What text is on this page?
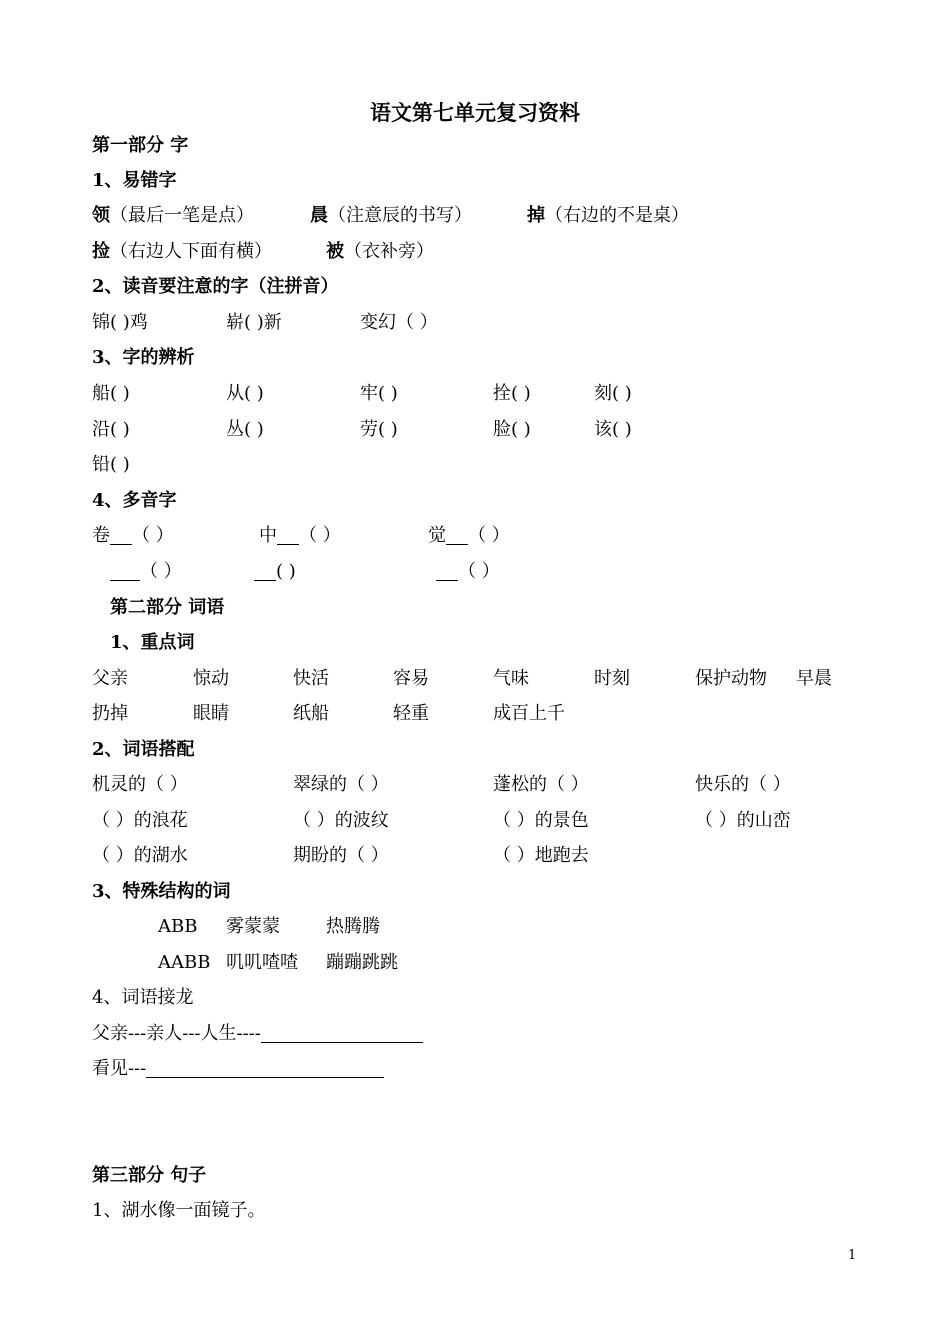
语文第七单元复习资料
第一部分 字
1、易错字
领（最后一笔是点）	晨（注意辰的书写）	掉（右边的不是桌）
捡（右边人下面有横）	被（衣补旁）
2、读音要注意的字（注拼音）
锦( )鸡	崭( )新	变幻（ ）
3、字的辨析
船( )	从( )	牢( )	拴( )	刻( )
沿( )	丛( )	劳( )	脸( )	该( )
铅( )
4、多音字
卷 （ ）	中 （ ）	觉 （ ）
（ ）	( )	（ ）
第二部分 词语
1、重点词
父亲	惊动	快活	容易	气味	时刻	保护动物 早晨
扔掉	眼睛	纸船	轻重	成百上千
2、词语搭配
机灵的（ ）	翠绿的（ ）	蓬松的（ ）	快乐的（ ）
（ ）的浪花	（ ）的波纹	（ ）的景色	（ ）的山峦
（ ）的湖水	期盼的（ ）	（ ）地跑去
3、特殊结构的词
ABB 雾蒙蒙	热腾腾
AABB 叽叽喳喳 蹦蹦跳跳
4、词语接龙
父亲---亲人---人生----
看见---
第三部分 句子
1、湖水像一面镜子。
1
